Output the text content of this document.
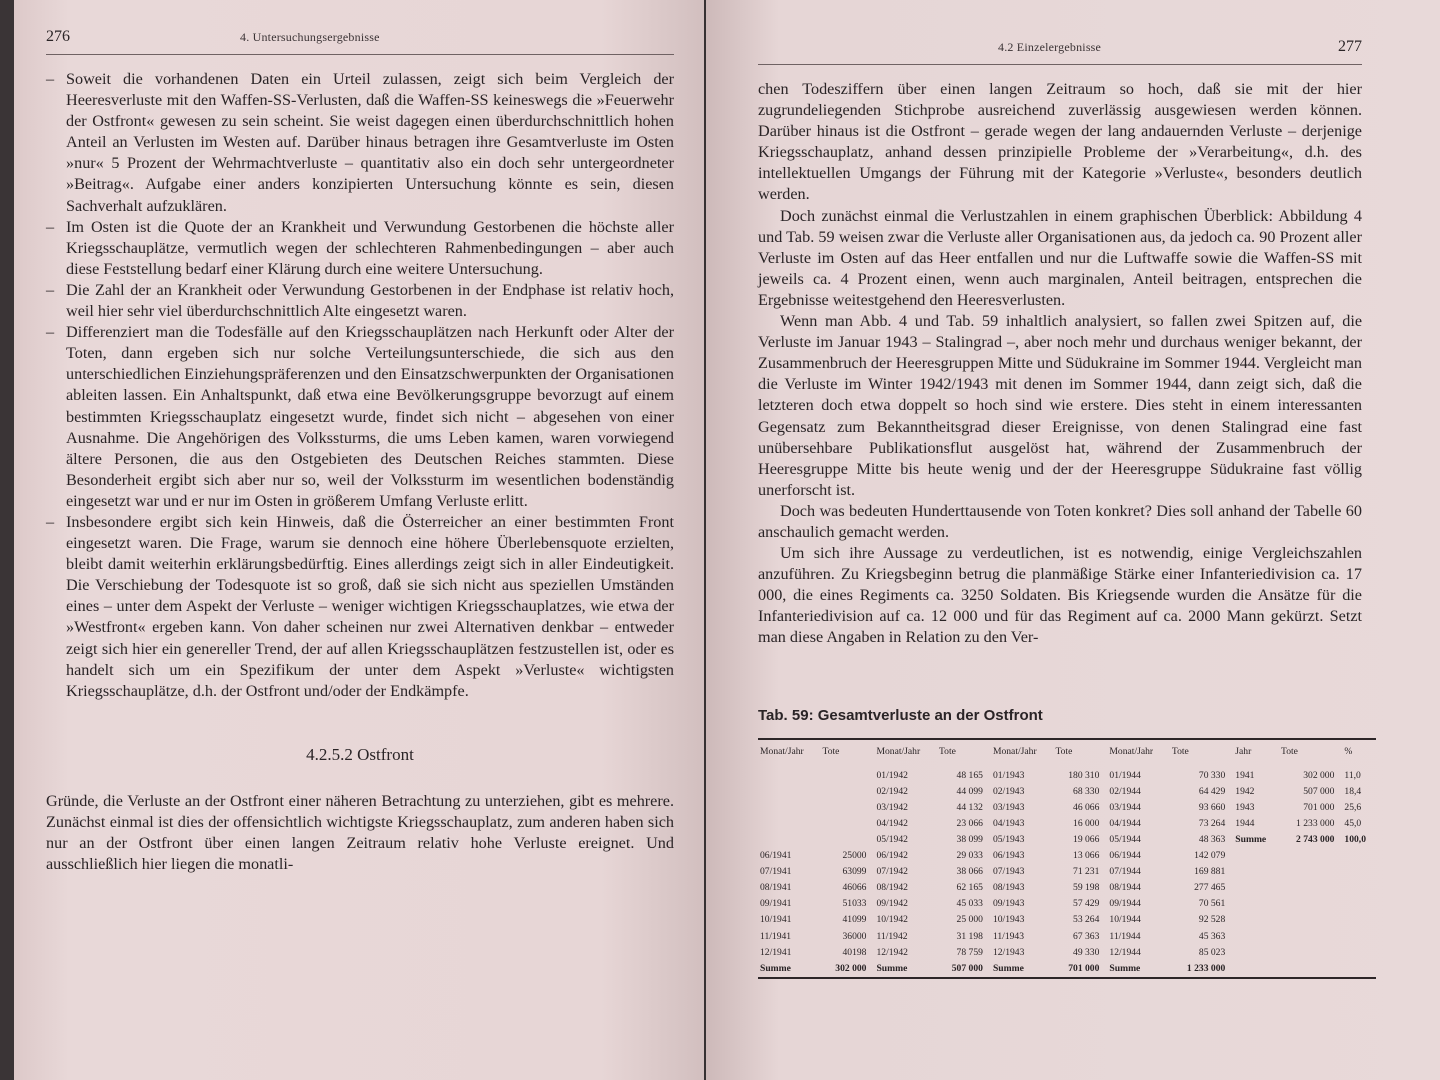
276	4. Untersuchungsergebnisse
– Soweit die vorhandenen Daten ein Urteil zulassen, zeigt sich beim Vergleich der Heeresverluste mit den Waffen-SS-Verlusten, daß die Waffen-SS keineswegs die »Feuerwehr der Ostfront« gewesen zu sein scheint. Sie weist dagegen einen überdurchschnittlich hohen Anteil an Verlusten im Westen auf. Darüber hinaus betragen ihre Gesamtverluste im Osten »nur« 5 Prozent der Wehrmachtverluste – quantitativ also ein doch sehr untergeordneter »Beitrag«. Aufgabe einer anders konzipierten Untersuchung könnte es sein, diesen Sachverhalt aufzuklären.
– Im Osten ist die Quote der an Krankheit und Verwundung Gestorbenen die höchste aller Kriegsschauplätze, vermutlich wegen der schlechteren Rahmenbedingungen – aber auch diese Feststellung bedarf einer Klärung durch eine weitere Untersuchung.
– Die Zahl der an Krankheit oder Verwundung Gestorbenen in der Endphase ist relativ hoch, weil hier sehr viel überdurchschnittlich Alte eingesetzt waren.
– Differenziert man die Todesfälle auf den Kriegsschauplätzen nach Herkunft oder Alter der Toten, dann ergeben sich nur solche Verteilungsunterschiede, die sich aus den unterschiedlichen Einziehungspräferenzen und den Einsatzschwerpunkten der Organisationen ableiten lassen. Ein Anhaltspunkt, daß etwa eine Bevölkerungsgruppe bevorzugt auf einem bestimmten Kriegsschauplatz eingesetzt wurde, findet sich nicht – abgesehen von einer Ausnahme. Die Angehörigen des Volkssturms, die ums Leben kamen, waren vorwiegend ältere Personen, die aus den Ostgebieten des Deutschen Reiches stammten. Diese Besonderheit ergibt sich aber nur so, weil der Volkssturm im wesentlichen bodenständig eingesetzt war und er nur im Osten in größerem Umfang Verluste erlitt.
– Insbesondere ergibt sich kein Hinweis, daß die Österreicher an einer bestimmten Front eingesetzt waren. Die Frage, warum sie dennoch eine höhere Überlebensquote erzielten, bleibt damit weiterhin erklärungsbedürftig. Eines allerdings zeigt sich in aller Eindeutigkeit. Die Verschiebung der Todesquote ist so groß, daß sie sich nicht aus speziellen Umständen eines – unter dem Aspekt der Verluste – weniger wichtigen Kriegsschauplatzes, wie etwa der »Westfront« ergeben kann. Von daher scheinen nur zwei Alternativen denkbar – entweder zeigt sich hier ein genereller Trend, der auf allen Kriegsschauplätzen festzustellen ist, oder es handelt sich um ein Spezifikum der unter dem Aspekt »Verluste« wichtigsten Kriegsschauplätze, d.h. der Ostfront und/oder der Endkämpfe.
4.2.5.2 Ostfront

Gründe, die Verluste an der Ostfront einer näheren Betrachtung zu unterziehen, gibt es mehrere. Zunächst einmal ist dies der offensichtlich wichtigste Kriegsschauplatz, zum anderen haben sich nur an der Ostfront über einen langen Zeitraum relativ hohe Verluste ereignet. Und ausschließlich hier liegen die monatli-

4.2 Einzelergebnisse	277

chen Todesziffern über einen langen Zeitraum so hoch, daß sie mit der hier zugrundeliegenden Stichprobe ausreichend zuverlässig ausgewiesen werden können. Darüber hinaus ist die Ostfront – gerade wegen der lang andauernden Verluste – derjenige Kriegsschauplatz, anhand dessen prinzipielle Probleme der »Verarbeitung«, d.h. des intellektuellen Umgangs der Führung mit der Kategorie »Verluste«, besonders deutlich werden.

Doch zunächst einmal die Verlustzahlen in einem graphischen Überblick: Abbildung 4 und Tab. 59 weisen zwar die Verluste aller Organisationen aus, da jedoch ca. 90 Prozent aller Verluste im Osten auf das Heer entfallen und nur die Luftwaffe sowie die Waffen-SS mit jeweils ca. 4 Prozent einen, wenn auch marginalen, Anteil beitragen, entsprechen die Ergebnisse weitestgehend den Heeresverlusten.

Wenn man Abb. 4 und Tab. 59 inhaltlich analysiert, so fallen zwei Spitzen auf, die Verluste im Januar 1943 – Stalingrad –, aber noch mehr und durchaus weniger bekannt, der Zusammenbruch der Heeresgruppen Mitte und Südukraine im Sommer 1944. Vergleicht man die Verluste im Winter 1942/1943 mit denen im Sommer 1944, dann zeigt sich, daß die letzteren doch etwa doppelt so hoch sind wie erstere. Dies steht in einem interessanten Gegensatz zum Bekanntheitsgrad dieser Ereignisse, von denen Stalingrad eine fast unübersehbare Publikationsflut ausgelöst hat, während der Zusammenbruch der Heeresgruppe Mitte bis heute wenig und der der Heeresgruppe Südukraine fast völlig unerforscht ist.

Doch was bedeuten Hunderttausende von Toten konkret? Dies soll anhand der Tabelle 60 anschaulich gemacht werden.

Um sich ihre Aussage zu verdeutlichen, ist es notwendig, einige Vergleichszahlen anzuführen. Zu Kriegsbeginn betrug die planmäßige Stärke einer Infanteriedivision ca. 17 000, die eines Regiments ca. 3250 Soldaten. Bis Kriegsende wurden die Ansätze für die Infanteriedivision auf ca. 12 000 und für das Regiment auf ca. 2000 Mann gekürzt. Setzt man diese Angaben in Relation zu den Ver-

Tab. 59: Gesamtverluste an der Ostfront
Monat/Jahr	Tote	Monat/Jahr	Tote	Monat/Jahr	Tote	Monat/Jahr	Tote	Jahr	Tote	%
		01/1942	48 165	01/1943	180 310	01/1944	70 330	1941	302 000	11,0
		02/1942	44 099	02/1943	68 330	02/1944	64 429	1942	507 000	18,4
		03/1942	44 132	03/1943	46 066	03/1944	93 660	1943	701 000	25,6
		04/1942	23 066	04/1943	16 000	04/1944	73 264	1944	1 233 000	45,0
		05/1942	38 099	05/1943	19 066	05/1944	48 363	Summe	2 743 000	100,0
06/1941	25000	06/1942	29 033	06/1943	13 066	06/1944	142 079			
07/1941	63099	07/1942	38 066	07/1943	71 231	07/1944	169 881			
08/1941	46066	08/1942	62 165	08/1943	59 198	08/1944	277 465			
09/1941	51033	09/1942	45 033	09/1943	57 429	09/1944	70 561			
10/1941	41099	10/1942	25 000	10/1943	53 264	10/1944	92 528			
11/1941	36000	11/1942	31 198	11/1943	67 363	11/1944	45 363			
12/1941	40198	12/1942	78 759	12/1943	49 330	12/1944	85 023			
Summe	302 000	Summe	507 000	Summe	701 000	Summe	1 233 000			
